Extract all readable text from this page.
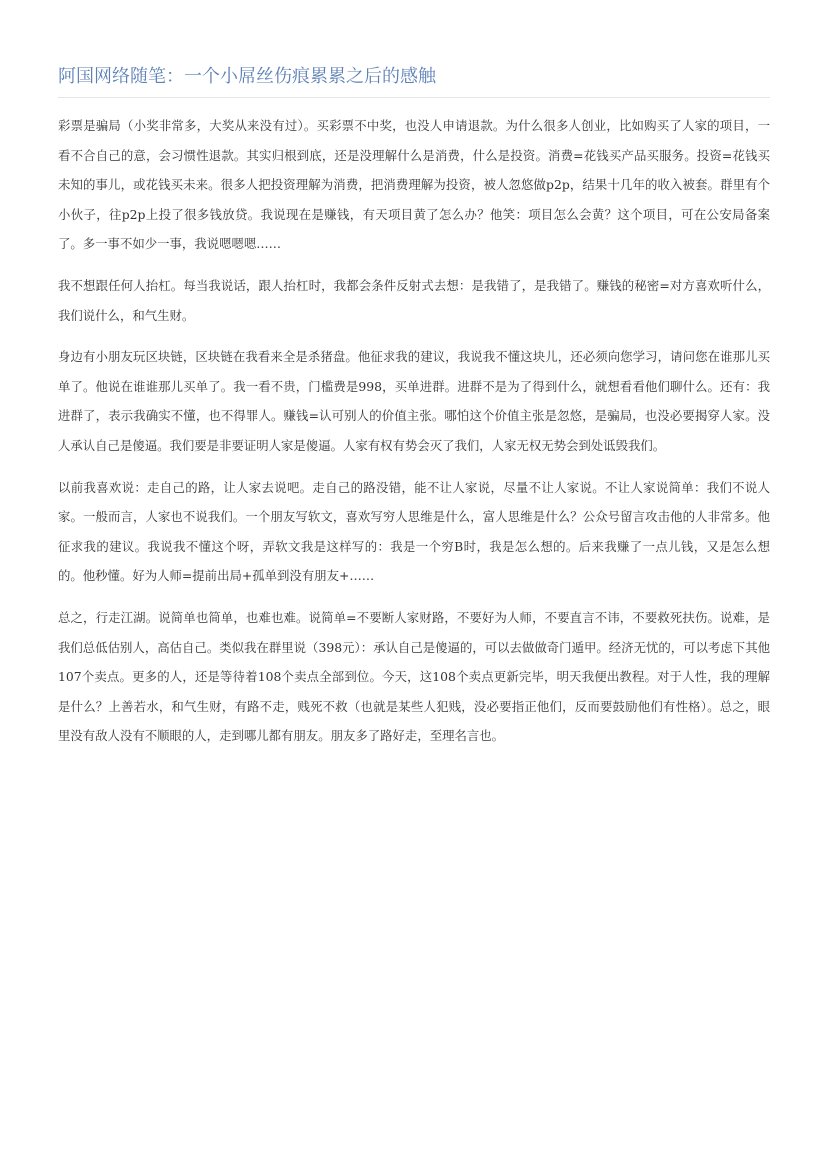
阿国网络随笔：一个小屌丝伤痕累累之后的感触

彩票是骗局（小奖非常多，大奖从来没有过）。买彩票不中奖，也没人申请退款。为什么很多人创业，比如购买了人家的项目，一看不合自己的意，会习惯性退款。其实归根到底，还是没理解什么是消费，什么是投资。消费=花钱买产品买服务。投资=花钱买未知的事儿，或花钱买未来。很多人把投资理解为消费，把消费理解为投资，被人忽悠做p2p，结果十几年的收入被套。群里有个小伙子，往p2p上投了很多钱放贷。我说现在是赚钱，有天项目黄了怎么办？他笑：项目怎么会黄？这个项目，可在公安局备案了。多一事不如少一事，我说嗯嗯嗯……

我不想跟任何人抬杠。每当我说话，跟人抬杠时，我都会条件反射式去想：是我错了，是我错了。赚钱的秘密=对方喜欢听什么，我们说什么，和气生财。

身边有小朋友玩区块链，区块链在我看来全是杀猪盘。他征求我的建议，我说我不懂这块儿，还必须向您学习，请问您在谁那儿买单了。他说在谁谁那儿买单了。我一看不贵，门槛费是998，买单进群。进群不是为了得到什么，就想看看他们聊什么。还有：我进群了，表示我确实不懂，也不得罪人。赚钱=认可别人的价值主张。哪怕这个价值主张是忽悠，是骗局，也没必要揭穿人家。没人承认自己是傻逼。我们要是非要证明人家是傻逼。人家有权有势会灭了我们，人家无权无势会到处诋毁我们。

以前我喜欢说：走自己的路，让人家去说吧。走自己的路没错，能不让人家说，尽量不让人家说。不让人家说简单：我们不说人家。一般而言，人家也不说我们。一个朋友写软文，喜欢写穷人思维是什么，富人思维是什么？公众号留言攻击他的人非常多。他征求我的建议。我说我不懂这个呀，弄软文我是这样写的：我是一个穷B时，我是怎么想的。后来我赚了一点儿钱，又是怎么想的。他秒懂。好为人师=提前出局+孤单到没有朋友+……

总之，行走江湖。说简单也简单，也难也难。说简单=不要断人家财路，不要好为人师，不要直言不讳，不要救死扶伤。说难，是我们总低估别人，高估自己。类似我在群里说（398元）：承认自己是傻逼的，可以去做做奇门遁甲。经济无忧的，可以考虑下其他107个卖点。更多的人，还是等待着108个卖点全部到位。今天，这108个卖点更新完毕，明天我便出教程。对于人性，我的理解是什么？上善若水，和气生财，有路不走，贱死不救（也就是某些人犯贱，没必要指正他们，反而要鼓励他们有性格）。总之，眼里没有敌人没有不顺眼的人，走到哪儿都有朋友。朋友多了路好走，至理名言也。
